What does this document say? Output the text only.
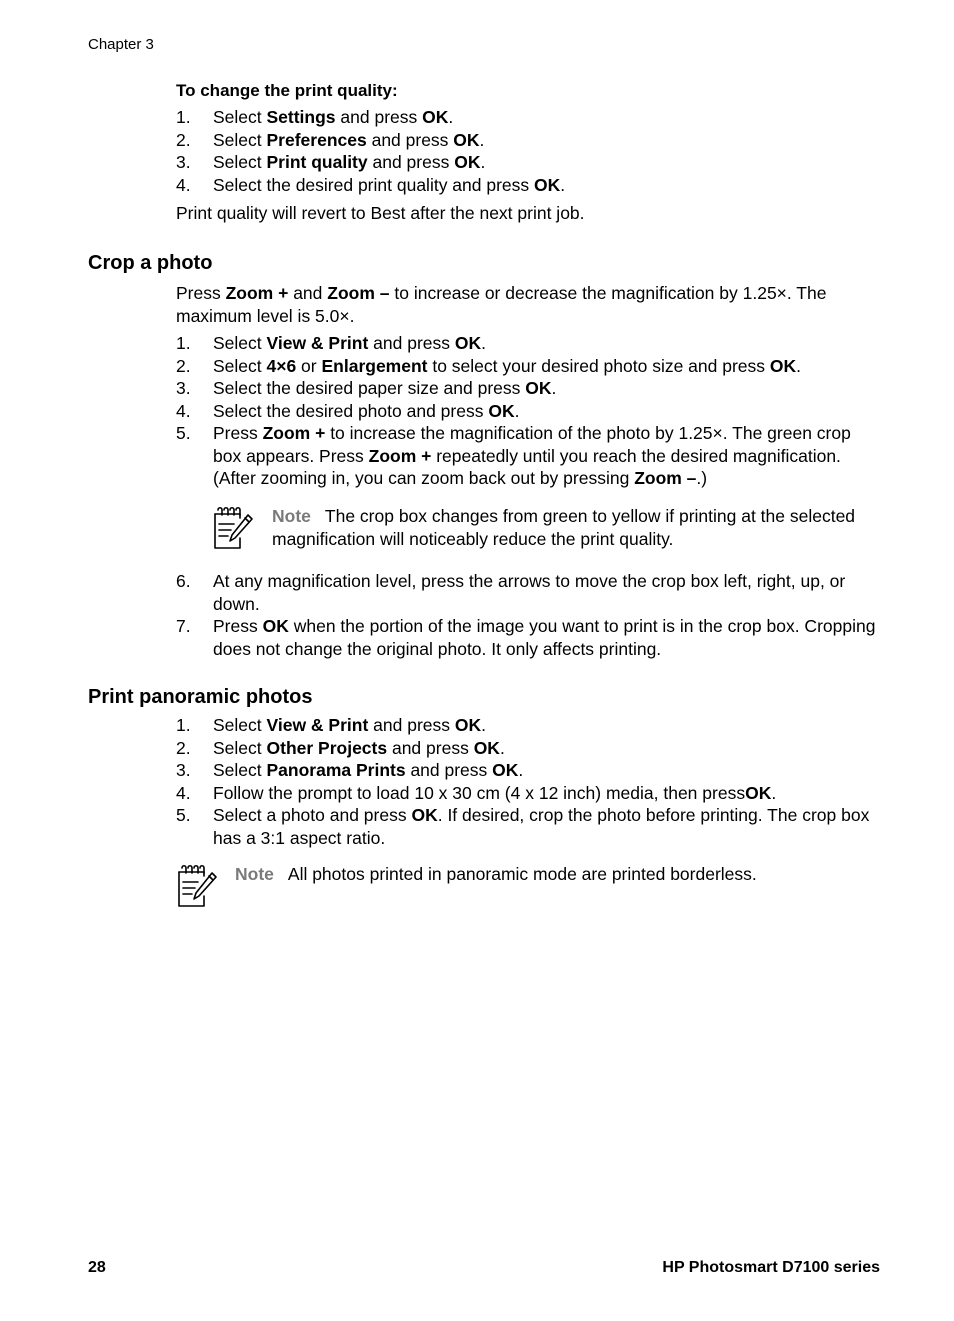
Chapter 3
To change the print quality:
1. Select Settings and press OK.
2. Select Preferences and press OK.
3. Select Print quality and press OK.
4. Select the desired print quality and press OK.
Print quality will revert to Best after the next print job.
Crop a photo
Press Zoom + and Zoom – to increase or decrease the magnification by 1.25×. The maximum level is 5.0×.
1. Select View & Print and press OK.
2. Select 4×6 or Enlargement to select your desired photo size and press OK.
3. Select the desired paper size and press OK.
4. Select the desired photo and press OK.
5. Press Zoom + to increase the magnification of the photo by 1.25×. The green crop box appears. Press Zoom + repeatedly until you reach the desired magnification. (After zooming in, you can zoom back out by pressing Zoom –.)
Note The crop box changes from green to yellow if printing at the selected magnification will noticeably reduce the print quality.
6. At any magnification level, press the arrows to move the crop box left, right, up, or down.
7. Press OK when the portion of the image you want to print is in the crop box. Cropping does not change the original photo. It only affects printing.
Print panoramic photos
1. Select View & Print and press OK.
2. Select Other Projects and press OK.
3. Select Panorama Prints and press OK.
4. Follow the prompt to load 10 x 30 cm (4 x 12 inch) media, then pressOK.
5. Select a photo and press OK. If desired, crop the photo before printing. The crop box has a 3:1 aspect ratio.
Note All photos printed in panoramic mode are printed borderless.
28	HP Photosmart D7100 series
